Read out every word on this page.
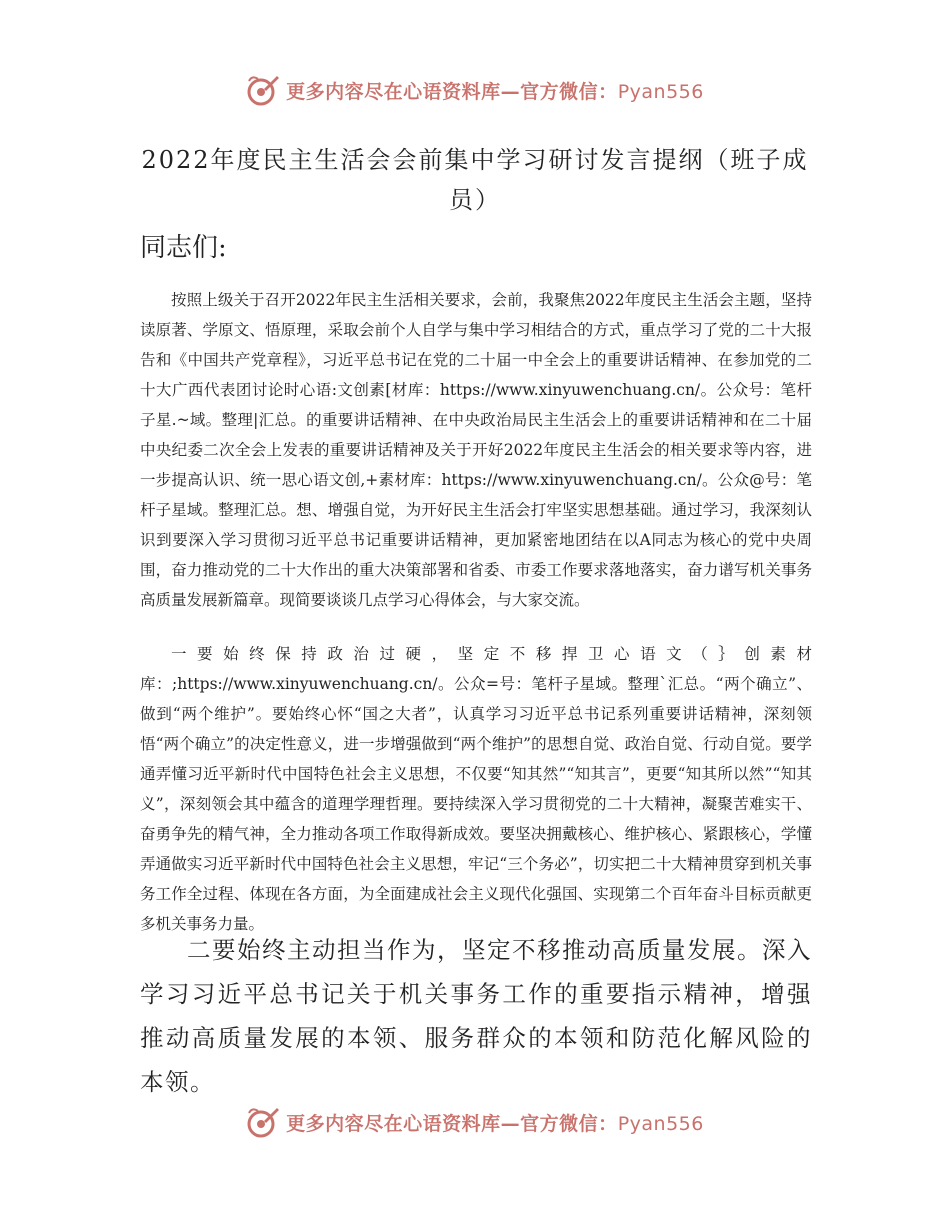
更多内容尽在心语资料库—官方微信：Pyan556
2022年度民主生活会会前集中学习研讨发言提纲（班子成员）
同志们:

按照上级关于召开2022年民主生活相关要求，会前，我聚焦2022年度民主生活会主题，坚持读原著、学原文、悟原理，采取会前个人自学与集中学习相结合的方式，重点学习了党的二十大报告和《中国共产党章程》，习近平总书记在党的二十届一中全会上的重要讲话精神、在参加党的二十大广西代表团讨论时心语:文创素[材库：https://www.xinyuwenchuang.cn/。公众号：笔杆子星.~域。整理|汇总。的重要讲话精神、在中央政治局民主生活会上的重要讲话精神和在二十届中央纪委二次全会上发表的重要讲话精神及关于开好2022年度民主生活会的相关要求等内容，进一步提高认识、统一思心语文创,+素材库：https://www.xinyuwenchuang.cn/。公众@号：笔杆子星域。整理汇总。想、增强自觉，为开好民主生活会打牢坚实思想基础。通过学习，我深刻认识到要深入学习贯彻习近平总书记重要讲话精神，更加紧密地团结在以A同志为核心的党中央周围，奋力推动党的二十大作出的重大决策部署和省委、市委工作要求落地落实，奋力谱写机关事务高质量发展新篇章。现简要谈谈几点学习心得体会，与大家交流。

一要始终保持政治过硬，坚定不移捍卫心语文（｝创素材库：;https://www.xinyuwenchuang.cn/。公众=号：笔杆子星域。整理`汇总。“两个确立”、做到“两个维护”。要始终心怀“国之大者”，认真学习习近平总书记系列重要讲话精神，深刻领悟“两个确立”的决定性意义，进一步增强做到“两个维护”的思想自觉、政治自觉、行动自觉。要学通弄懂习近平新时代中国特色社会主义思想，不仅要“知其然”“知其言”，更要“知其所以然”“知其义”，深刻领会其中蕴含的道理学理哲理。要持续深入学习贯彻党的二十大精神，凝聚苦难实干、奋勇争先的精气神，全力推动各项工作取得新成效。要坚决拥戴核心、维护核心、紧跟核心，学懂弄通做实习近平新时代中国特色社会主义思想，牢记“三个务必”，切实把二十大精神贯穿到机关事务工作全过程、体现在各方面，为全面建成社会主义现代化强国、实现第二个百年奋斗目标贡献更多机关事务力量。

二要始终主动担当作为，坚定不移推动高质量发展。深入学习习近平总书记关于机关事务工作的重要指示精神，增强推动高质量发展的本领、服务群众的本领和防范化解风险的本领。

更多内容尽在心语资料库—官方微信：Pyan556
